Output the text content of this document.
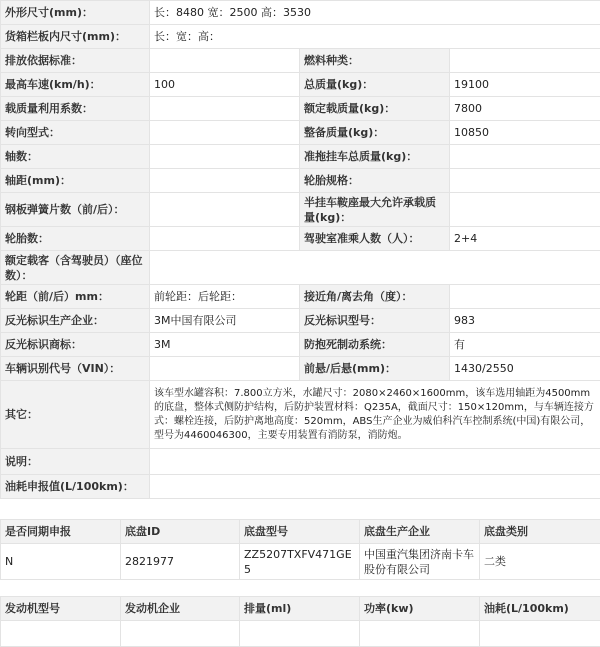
外形尺寸(mm)：	长：8480 宽：2500 高：3530		
货箱栏板内尺寸(mm)：	长：宽：高：		
排放依据标准：		燃料种类：	
最高车速(km/h)：	100	总质量(kg)：	19100
载质量利用系数：		额定载质量(kg)：	7800
转向型式：		整备质量(kg)：	10850
轴数：		准拖挂车总质量(kg)：	
轴距(mm)：		轮胎规格：	
钢板弹簧片数（前/后）：		半挂车鞍座最大允许承载质量(kg)：	
轮胎数：		驾驶室准乘人数（人）：	2+4
额定载客（含驾驶员）（座位数）：			
轮距（前/后）mm：	前轮距：后轮距：	接近角/离去角（度）：	
反光标识生产企业：	3M中国有限公司	反光标识型号：	983
反光标识商标：	3M	防抱死制动系统：	有
车辆识别代号（VIN）：		前悬/后悬(mm)：	1430/2550
其它：	该车型水罐容积：7.800立方米，水罐尺寸：2080×2460×1600mm，该车选用轴距为4500mm的底盘，整体式侧防护结构，后防护装置材料：Q235A，截面尺寸：150×120mm，与车辆连接方式：螺栓连接，后防护离地高度：520mm，ABS生产企业为威伯科汽车控制系统(中国)有限公司，型号为4460046300，主要专用装置有消防泵，消防炮。		
说明：			
油耗申报值(L/100km)：			
是否同期申报	底盘ID	底盘型号	底盘生产企业	底盘类别
N	2821977	ZZ5207TXFV471GE5	中国重汽集团济南卡车股份有限公司	二类
发动机型号	发动机企业	排量(ml)	功率(kw)	油耗(L/100km)
